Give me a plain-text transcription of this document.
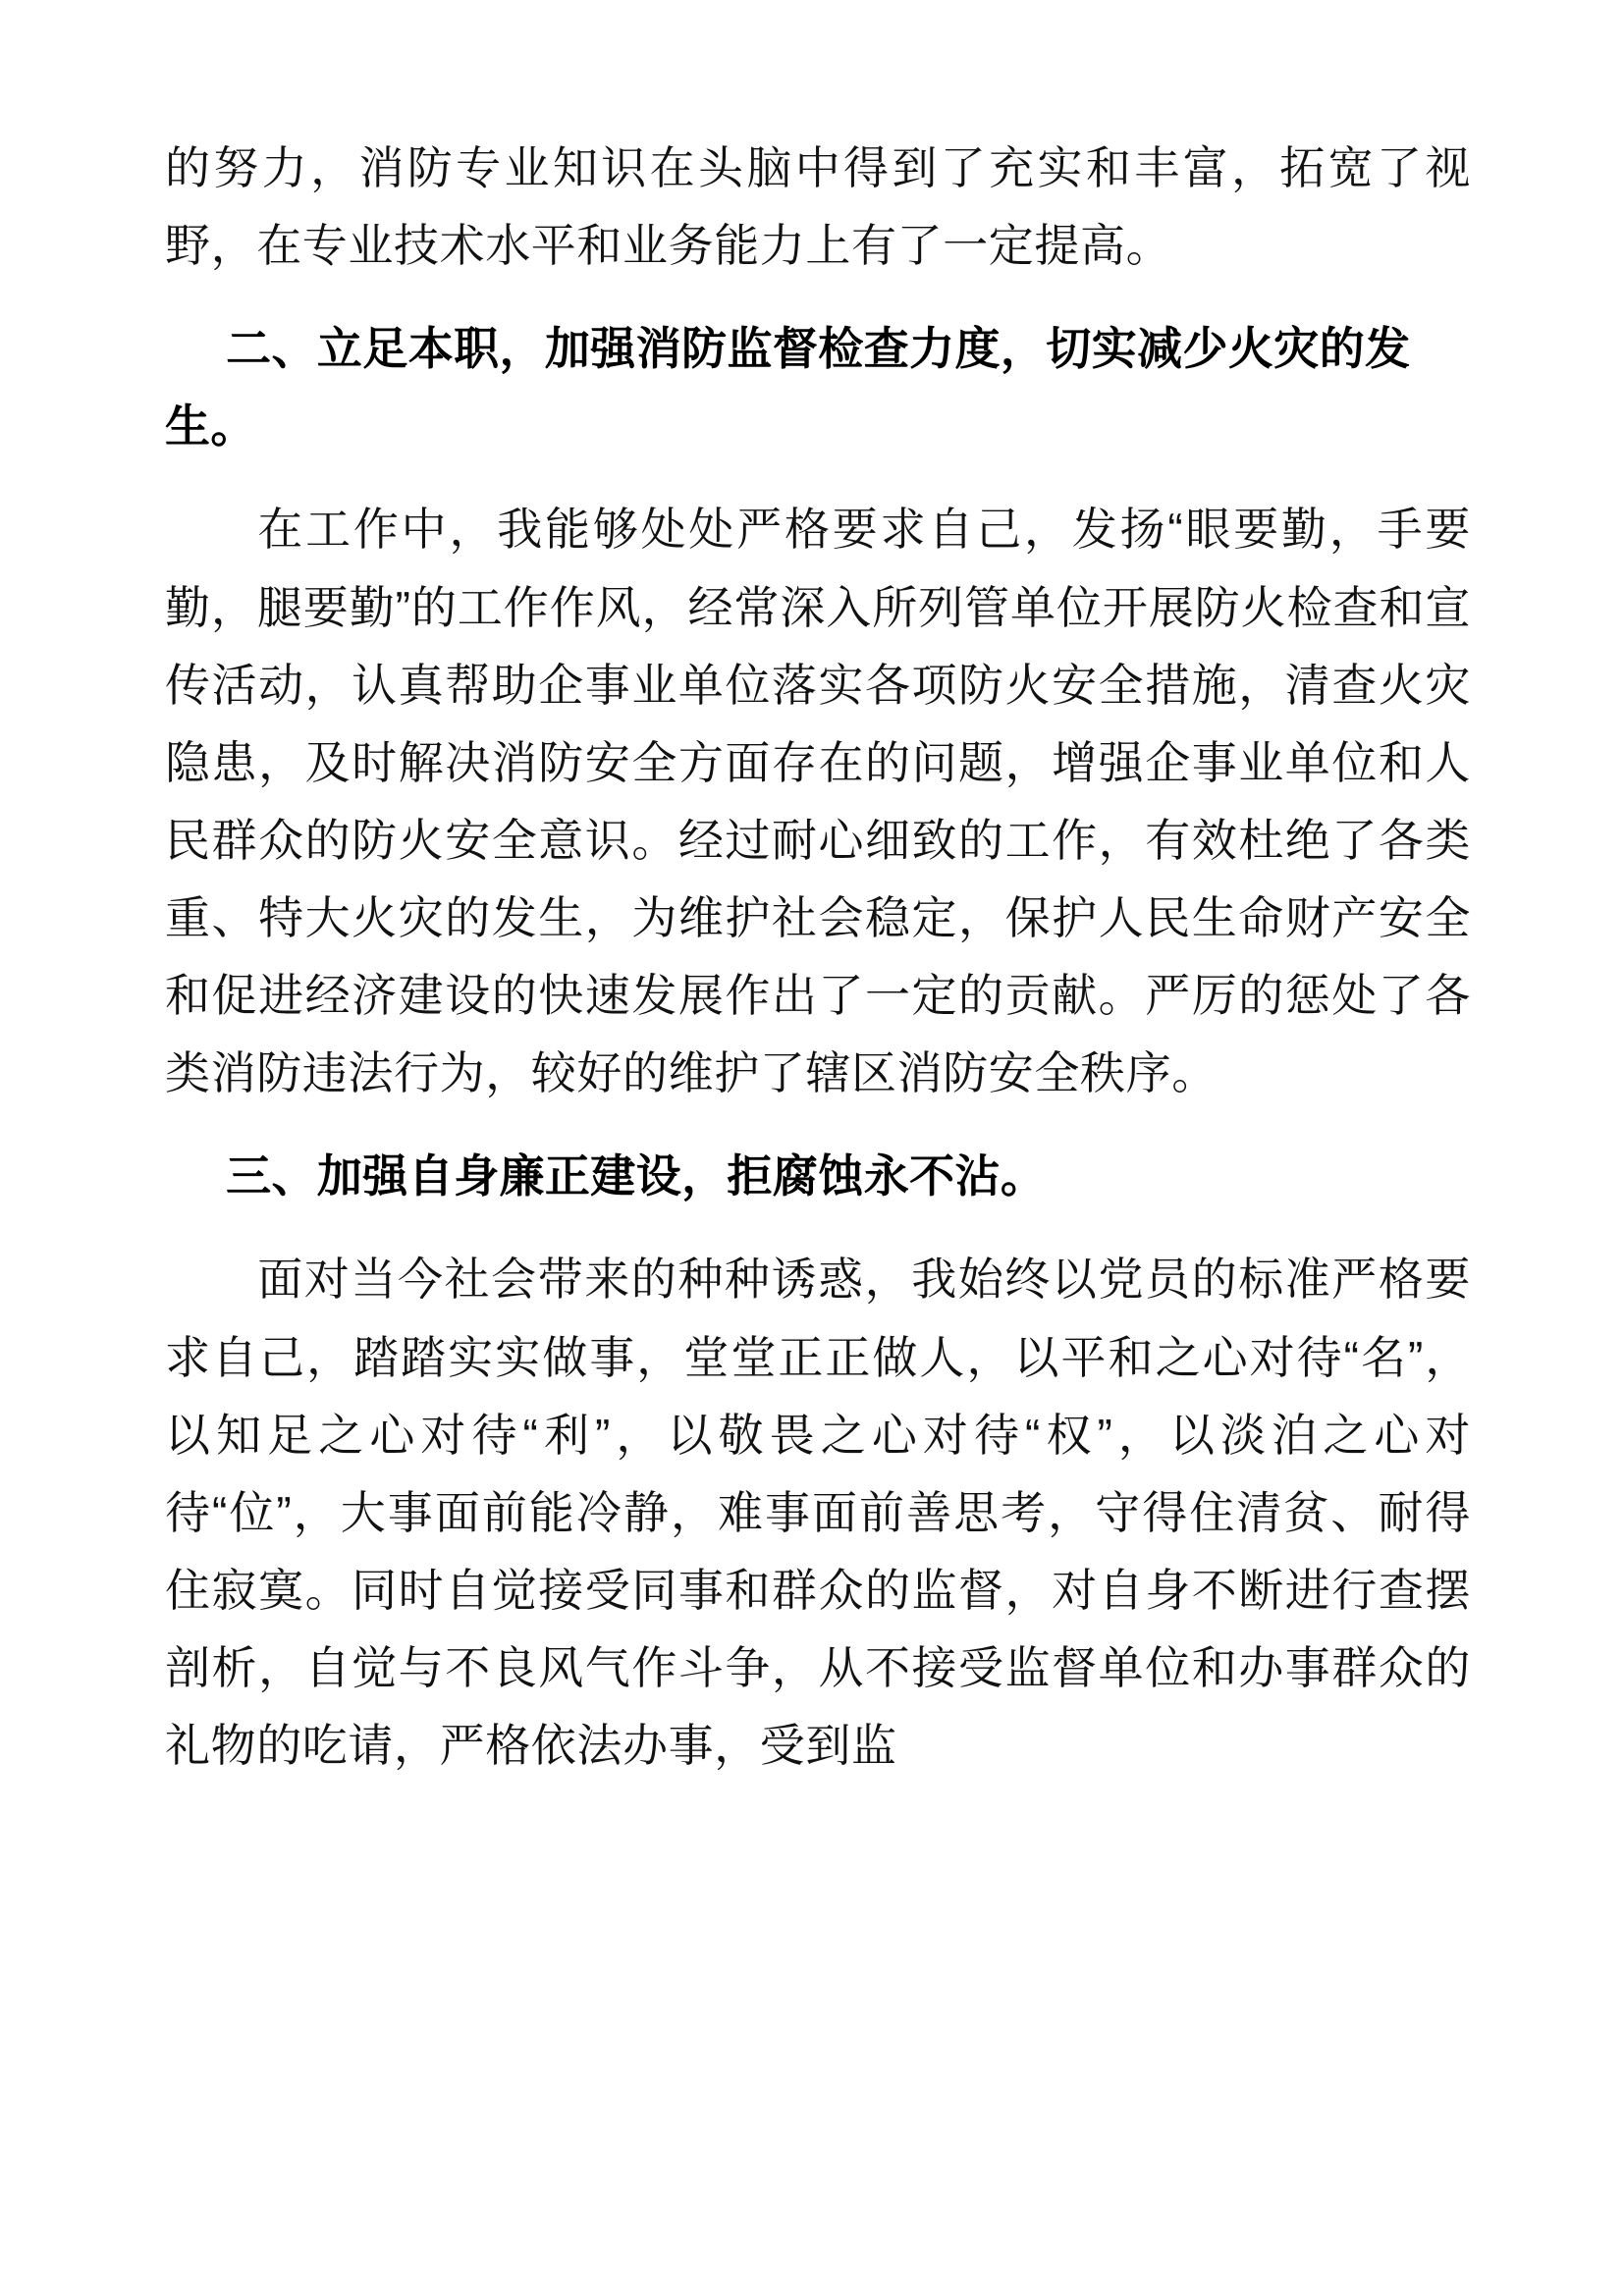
的努力，消防专业知识在头脑中得到了充实和丰富，拓宽了视野，在专业技术水平和业务能力上有了一定提高。

二、立足本职，加强消防监督检查力度，切实减少火灾的发生。

在工作中，我能够处处严格要求自己，发扬“眼要勤，手要勤，腿要勤”的工作作风，经常深入所列管单位开展防火检查和宣传活动，认真帮助企事业单位落实各项防火安全措施，清查火灾隐患，及时解决消防安全方面存在的问题，增强企事业单位和人民群众的防火安全意识。经过耐心细致的工作，有效杜绝了各类重、特大火灾的发生，为维护社会稳定，保护人民生命财产安全和促进经济建设的快速发展作出了一定的贡献。严厉的惩处了各类消防违法行为，较好的维护了辖区消防安全秩序。

三、加强自身廉正建设，拒腐蚀永不沾。

面对当今社会带来的种种诱惑，我始终以党员的标准严格要求自己，踏踏实实做事，堂堂正正做人，以平和之心对待“名”，以知足之心对待“利”，以敬畏之心对待“权”，以淡泊之心对待“位”，大事面前能冷静，难事面前善思考，守得住清贫、耐得住寂寞。同时自觉接受同事和群众的监督，对自身不断进行查摆剖析，自觉与不良风气作斗争，从不接受监督单位和办事群众的礼物的吃请，严格依法办事，受到监
